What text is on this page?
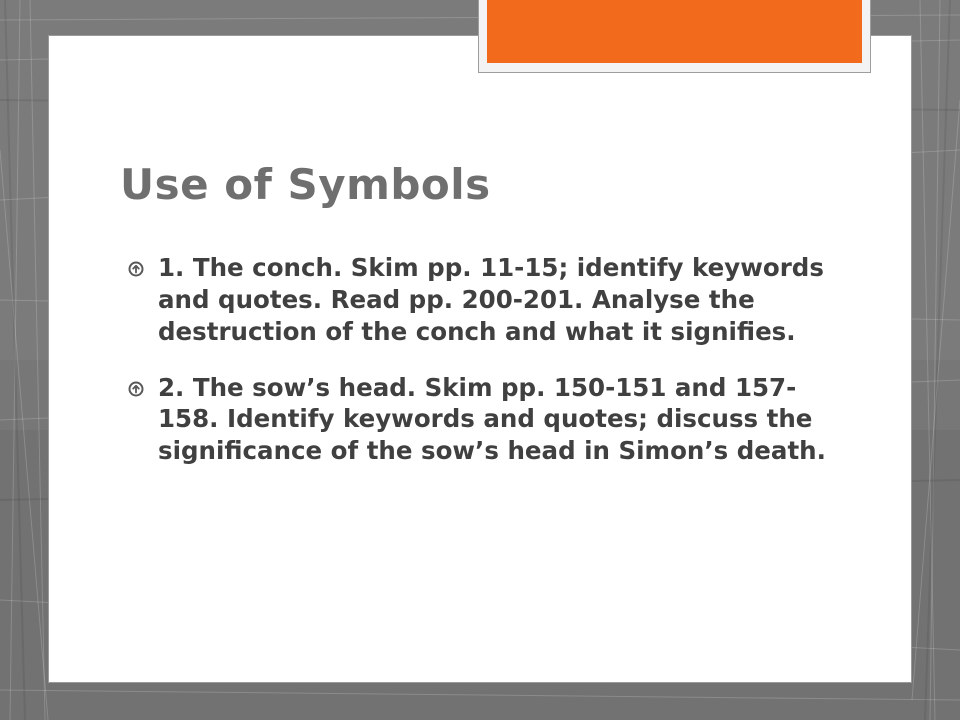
Use of Symbols
1. The conch. Skim pp. 11-15; identify keywords and quotes. Read pp. 200-201. Analyse the destruction of the conch and what it signifies.
2. The sow’s head. Skim pp. 150-151 and 157-158. Identify keywords and quotes; discuss the significance of the sow’s head in Simon’s death.
